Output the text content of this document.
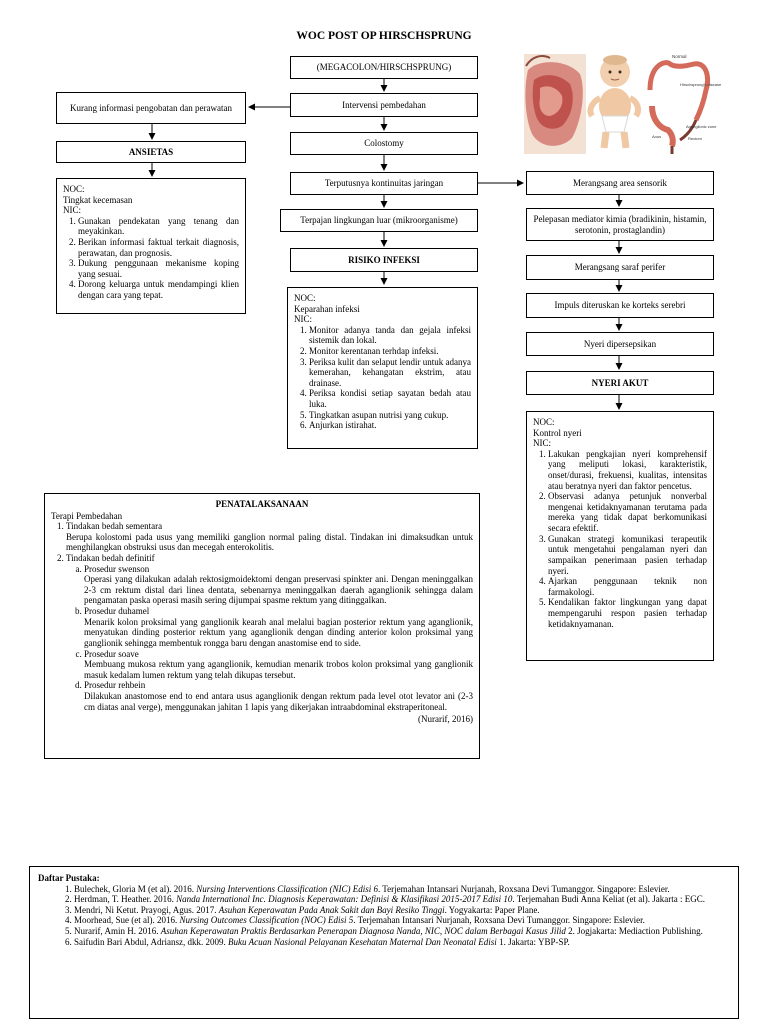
WOC POST OP HIRSCHSPRUNG
(MEGACOLON/HIRSCHSPRUNG)
Intervensi pembedahan
Kurang informasi pengobatan dan perawatan
ANSIETAS
Colostomy
Terputusnya kontinuitas jaringan
Terpajan lingkungan luar (mikroorganisme)
RISIKO INFEKSI
Merangsang area sensorik
Pelepasan mediator kimia (bradikinin, histamin, serotonin, prostaglandin)
Merangsang saraf perifer
Impuls diteruskan ke korteks serebri
Nyeri dipersepsikan
NYERI AKUT
NOC:
Tingkat kecemasan
NIC:
1. Gunakan pendekatan yang tenang dan meyakinkan.
2. Berikan informasi faktual terkait diagnosis, perawatan, dan prognosis.
3. Dukung penggunaan mekanisme koping yang sesuai.
4. Dorong keluarga untuk mendampingi klien dengan cara yang tepat.	NOC:
Keparahan infeksi
NIC:
1. Monitor adanya tanda dan gejala infeksi sistemik dan lokal.
2. Monitor kerentanan terhdap infeksi.
3. Periksa kulit dan selaput lendir untuk adanya kemerahan, kehangatan ekstrim, atau drainase.
4. Periksa kondisi setiap sayatan bedah atau luka.
5. Tingkatkan asupan nutrisi yang cukup.
6. Anjurkan istirahat.	NOC:
Kontrol nyeri
NIC:
1. Lakukan pengkajian nyeri komprehensif yang meliputi lokasi, karakteristik, onset/durasi, frekuensi, kualitas, intensitas atau beratnya nyeri dan faktor pencetus.
2. Observasi adanya petunjuk nonverbal mengenai ketidaknyamanan terutama pada mereka yang tidak dapat berkomunikasi secara efektif.
3. Gunakan strategi komunikasi terapeutik untuk mengetahui pengalaman nyeri dan sampaikan penerimaan pasien terhadap nyeri.
4. Ajarkan penggunaan teknik non farmakologi.
5. Kendalikan faktor lingkungan yang dapat mempengaruhi respon pasien terhadap ketidaknyamanan.
PENATALAKSANAAN
Terapi Pembedahan
1. Tindakan bedah sementara

Berupa kolostomi pada usus yang memiliki ganglion normal paling distal. Tindakan ini dimaksudkan untuk menghilangkan obstruksi usus dan mecegah enterokolitis.

2. Tindakan bedah definitif
a. Prosedur swenson

Operasi yang dilakukan adalah rektosigmoidektomi dengan preservasi spinkter ani. Dengan meninggalkan 2-3 cm rektum distal dari linea dentata, sebenarnya meninggalkan daerah aganglionik sehingga dalam pengamatan paska operasi masih sering dijumpai spasme rektum yang ditinggalkan.

b. Prosedur duhamel

Menarik kolon proksimal yang ganglionik kearah anal melalui bagian posterior rektum yang aganglionik, menyatukan dinding posterior rektum yang aganglionik dengan dinding anterior kolon proksimal yang ganglionik sehingga membentuk rongga baru dengan anastomise end to side.

c. Prosedur soave

Membuang mukosa rektum yang aganglionik, kemudian menarik trobos kolon proksimal yang ganglionik masuk kedalam lumen rektum yang telah dikupas tersebut.

d. Prosedur rehbein

Dilakukan anastomose end to end antara usus aganglionik dengan rektum pada level otot levator ani (2-3 cm diatas anal verge), menggunakan jahitan 1 lapis yang dikerjakan intraabdominal ekstraperitoneal.

(Nurarif, 2016)
Daftar Pustaka:
1. Bulechek, Gloria M (et al). 2016. Nursing Interventions Classification (NIC) Edisi 6. Terjemahan Intansari Nurjanah, Roxsana Devi Tumanggor. Singapore: Eslevier.
2. Herdman, T. Heather. 2016. Nanda International Inc. Diagnosis Keperawatan: Definisi & Klasifikasi 2015-2017 Edisi 10. Terjemahan Budi Anna Keliat (et al). Jakarta : EGC.
3. Mendri, Ni Ketut. Prayogi, Agus. 2017. Asuhan Keperawatan Pada Anak Sakit dan Bayi Resiko Tinggi. Yogyakarta: Paper Plane.
4. Moorhead, Sue (et al). 2016. Nursing Outcomes Classification (NOC) Edisi 5. Terjemahan Intansari Nurjanah, Roxsana Devi Tumanggor. Singapore: Eslevier.
5. Nurarif, Amin H. 2016. Asuhan Keperawatan Praktis Berdasarkan Penerapan Diagnosa Nanda, NIC, NOC dalam Berbagai Kasus Jilid 2. Jogjakarta: Mediaction Publishing.
6. Saifudin Bari Abdul, Adriansz, dkk. 2009. Buku Acuan Nasional Pelayanan Kesehatan Maternal Dan Neonatal Edisi 1. Jakarta: YBP-SP.
Normal
Hirschsprung's disease
Aganglionic zone
Anus	Rectum
